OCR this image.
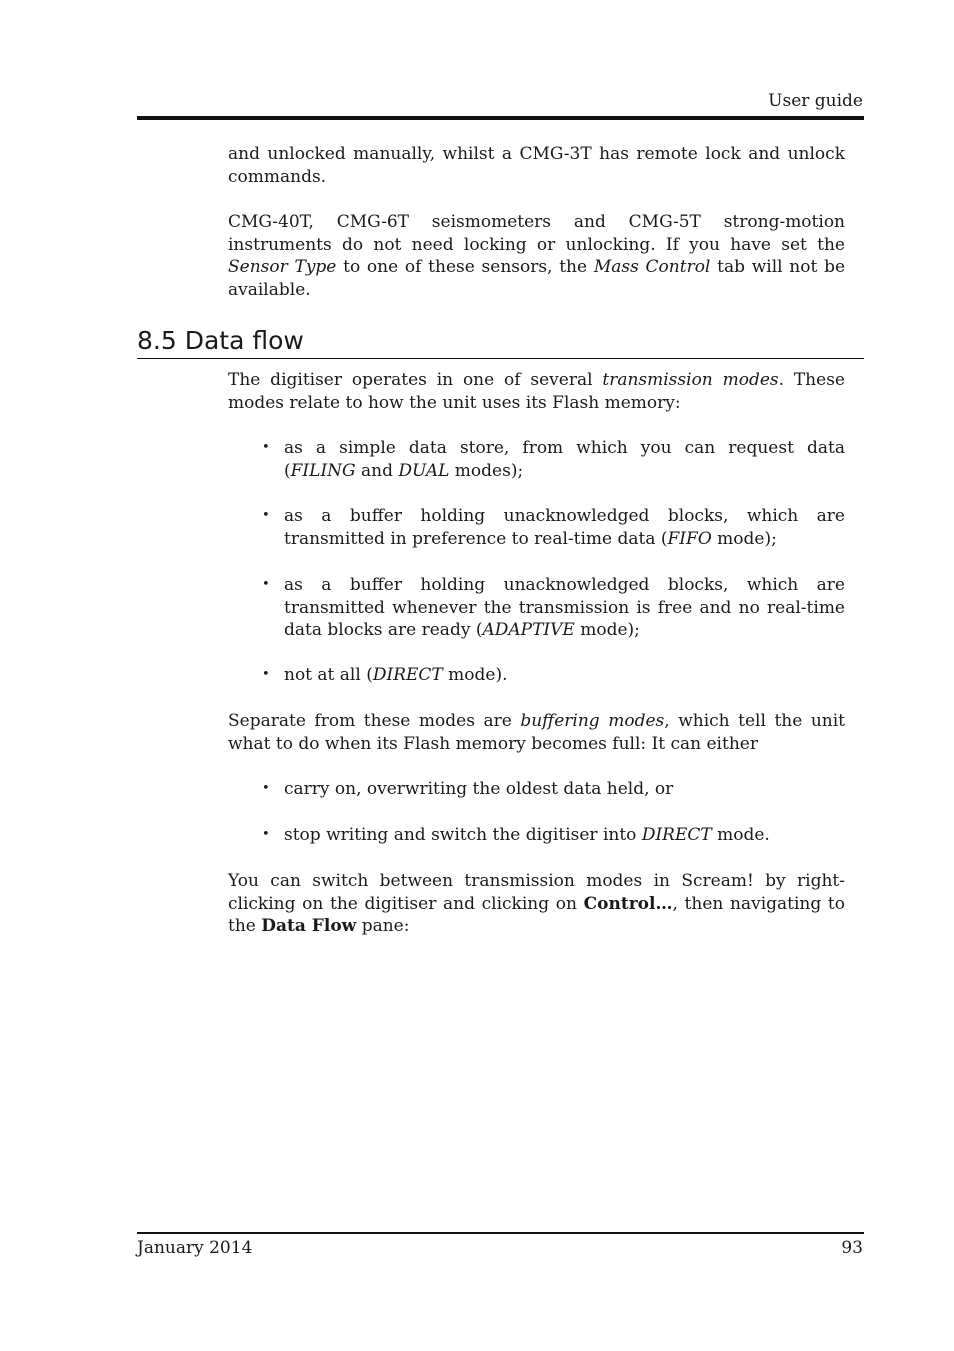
User guide

and unlocked manually, whilst a CMG-3T has remote lock and unlock commands.

CMG-40T, CMG-6T seismometers and CMG-5T strong-motion instruments do not need locking or unlocking. If you have set the Sensor Type to one of these sensors, the Mass Control tab will not be available.

8.5 Data flow

The digitiser operates in one of several transmission modes. These modes relate to how the unit uses its Flash memory:

• as a simple data store, from which you can request data (FILING and DUAL modes);

• as a buffer holding unacknowledged blocks, which are transmitted in preference to real-time data (FIFO mode);

• as a buffer holding unacknowledged blocks, which are transmitted whenever the transmission is free and no real-time data blocks are ready (ADAPTIVE mode);

• not at all (DIRECT mode).

Separate from these modes are buffering modes, which tell the unit what to do when its Flash memory becomes full: It can either

• carry on, overwriting the oldest data held, or

• stop writing and switch the digitiser into DIRECT mode.

You can switch between transmission modes in Scream! by right-clicking on the digitiser and clicking on Control…, then navigating to the Data Flow pane:

January 2014	93
